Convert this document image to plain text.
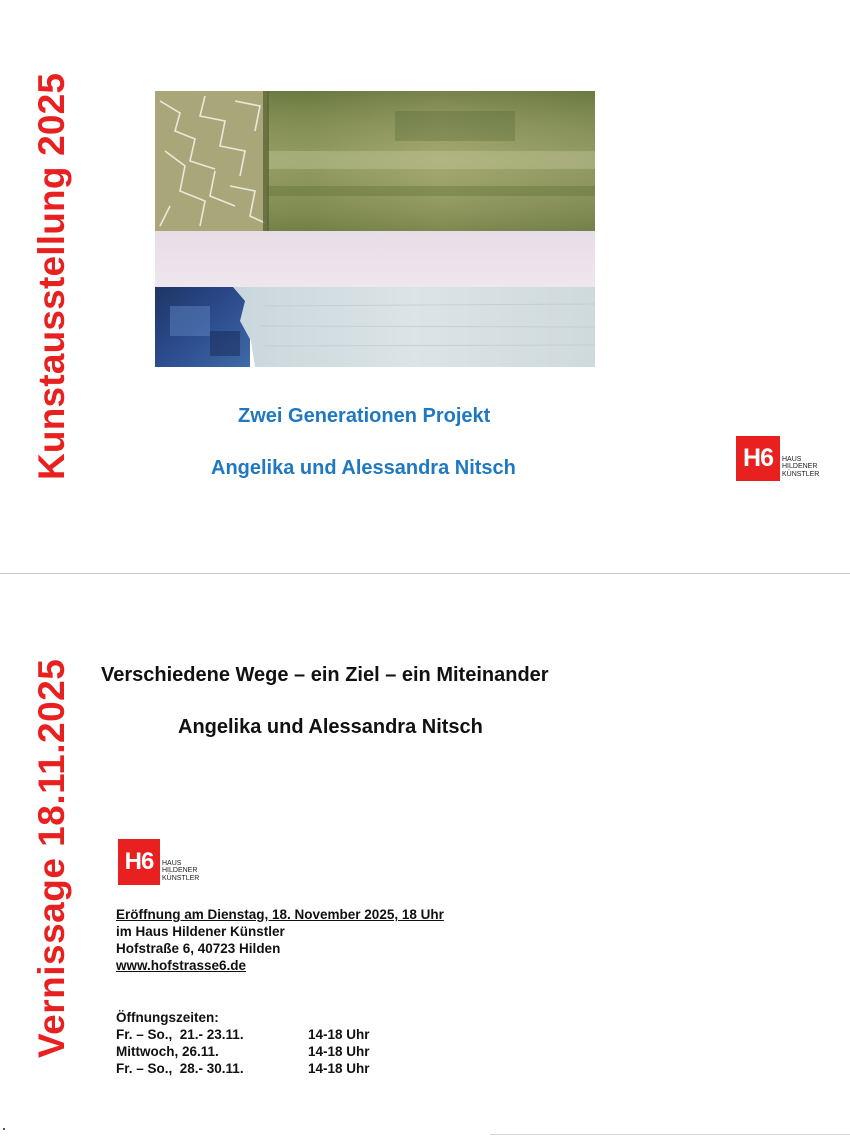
Kunstausstellung 2025	Zwei Generationen Projekt
Angelika und Alessandra Nitsch	H6	HAUS
HILDENER
KÜNSTLER
Vernissage 18.11.2025 Verschiedene Wege – ein Ziel – ein Miteinander
Angelika und Alessandra Nitsch
H6	HAUS
HILDENER
KÜNSTLER
Eröffnung am Dienstag, 18. November 2025, 18 Uhr
im Haus Hildener Künstler
Hofstraße 6, 40723 Hilden
www.hofstrasse6.de
Öffnungszeiten:
Fr. – So.,  21.- 23.11.	14-18 Uhr
Mittwoch, 26.11.	14-18 Uhr
Fr. – So.,  28.- 30.11.	14-18 Uhr
